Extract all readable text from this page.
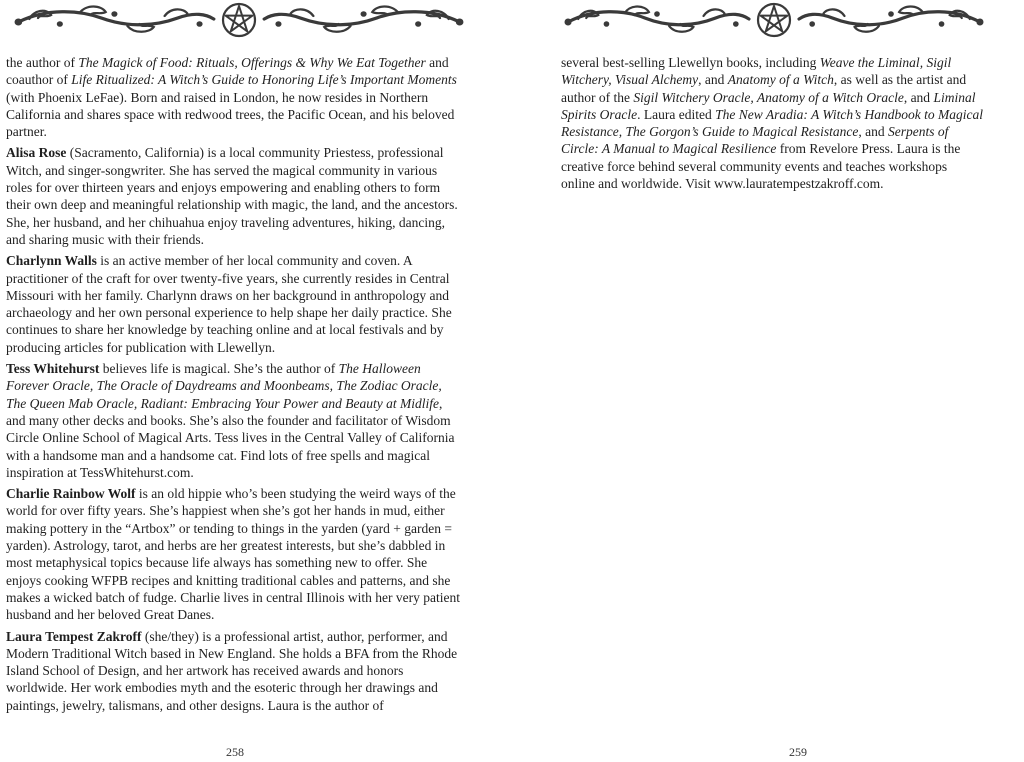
the author of The Magick of Food: Rituals, Offerings & Why We Eat Together and coauthor of Life Ritualized: A Witch’s Guide to Honoring Life’s Important Moments (with Phoenix LeFae). Born and raised in London, he now resides in Northern California and shares space with redwood trees, the Pacific Ocean, and his beloved partner.

Alisa Rose (Sacramento, California) is a local community Priestess, professional Witch, and singer-songwriter. She has served the magical community in various roles for over thirteen years and enjoys empowering and enabling others to form their own deep and meaningful relationship with magic, the land, and the ancestors. She, her husband, and her chihuahua enjoy traveling adventures, hiking, dancing, and sharing music with their friends.

Charlynn Walls is an active member of her local community and coven. A practitioner of the craft for over twenty-five years, she currently resides in Central Missouri with her family. Charlynn draws on her background in anthropology and archaeology and her own personal experience to help shape her daily practice. She continues to share her knowledge by teaching online and at local festivals and by producing articles for publication with Llewellyn.

Tess Whitehurst believes life is magical. She’s the author of The Halloween Forever Oracle, The Oracle of Daydreams and Moonbeams, The Zodiac Oracle, The Queen Mab Oracle, Radiant: Embracing Your Power and Beauty at Midlife, and many other decks and books. She’s also the founder and facilitator of Wisdom Circle Online School of Magical Arts. Tess lives in the Central Valley of California with a handsome man and a handsome cat. Find lots of free spells and magical inspiration at TessWhitehurst.com.

Charlie Rainbow Wolf is an old hippie who’s been studying the weird ways of the world for over fifty years. She’s happiest when she’s got her hands in mud, either making pottery in the “Artbox” or tending to things in the yarden (yard + garden = yarden). Astrology, tarot, and herbs are her greatest interests, but she’s dabbled in most metaphysical topics because life always has something new to offer. She enjoys cooking WFPB recipes and knitting traditional cables and patterns, and she makes a wicked batch of fudge. Charlie lives in central Illinois with her very patient husband and her beloved Great Danes.

Laura Tempest Zakroff (she/they) is a professional artist, author, performer, and Modern Traditional Witch based in New England. She holds a BFA from the Rhode Island School of Design, and her artwork has received awards and honors worldwide. Her work embodies myth and the esoteric through her drawings and paintings, jewelry, talismans, and other designs. Laura is the author of

258

several best-selling Llewellyn books, including Weave the Liminal, Sigil Witchery, Visual Alchemy, and Anatomy of a Witch, as well as the artist and author of the Sigil Witchery Oracle, Anatomy of a Witch Oracle, and Liminal Spirits Oracle. Laura edited The New Aradia: A Witch’s Handbook to Magical Resistance, The Gorgon’s Guide to Magical Resistance, and Serpents of Circle: A Manual to Magical Resilience from Revelore Press. Laura is the creative force behind several community events and teaches workshops online and worldwide. Visit www.lauratempestzakroff.com.

259
